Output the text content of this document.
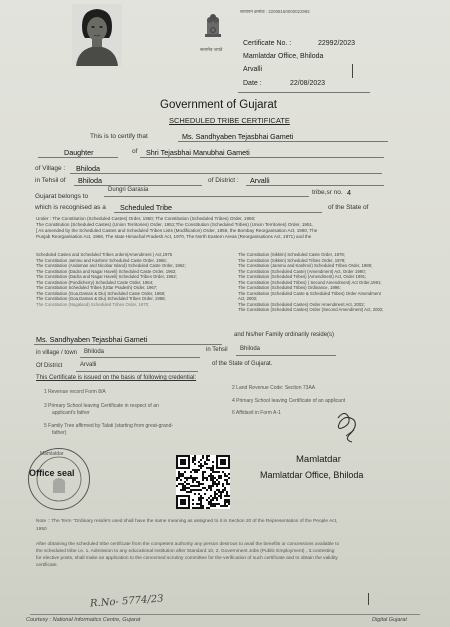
सत्यमेव जयते
सत्यापन क्रमांक : 22008150000022992
Certificate No. :	22992/2023
Mamlatdar Office, Bhiloda
Arvalli
Date :	22/08/2023
Government of Gujarat
SCHEDULED TRIBE CERTIFICATE
This is to certify that	Ms. Sandhyaben Tejasbhai Gameti
Daughter	of Shri Tejasbhai Manubhai Gameti
of Village : Bhiloda
in Tehsil of Bhiloda	of District : Arvalli
Gujarat belongs to
Dungri Garasia	tribe,sr no. 4
which is recognised as a Scheduled Tribe	of the State of
Under : The Constitution (Scheduled Castes) Order, 1950; The Constitution (Scheduled Tribes) Order, 1950;
The Constitution (Scheduled Castes) (Union Territories) Order, 1951;The Constitution (Scheduled Tribes) (Union Territories) Order, 1951,
[ As amended by the Scheduled Castes and Scheduled Tribes Lists (Modification) Order, 1956, the Bombay Reorganisation Act, 1960, The
Punjab Reorganisation Act, 1966, The state Himachal Pradesh Act, 1970, The North Eastern Areas (Reorganisations Act, 1971) and the
Scheduled Castes and Scheduled Tribes orders(Amendment ) Act,1976
The Constitution Jammu and Kashmir Scheduled Caste Order, 1956;
The Constitution (Andaman and Nicobar Island) Scheduled Caste Order, 1962;
The Constitution (Dadra and Nagar Haveli) Scheduled Caste Order, 1962;
The Constitution (Dadra and Nagar Haveli) Scheduled Tribes Order, 1962;
The Constitution (Pondicherry) Scheduled Caste Order, 1964;
The Constitution Scheduled Tribes (Uttar Pradesh) Order, 1967;
The Constitution (Goa,Daman & Diu) Scheduled Caste Order, 1968;
The Constitution (Goa,Daman & Diu) Scheduled Tribes Order, 1968;
The Constitution (Nagaland) Scheduled Tribes Order, 1970;
The Constitution (Sikkim) Scheduled Caste Order, 1978;
The Constitution (Sikkim) Scheduled Tribes Order, 1978;
The Constitution (Jammu and Kashmir) Scheduled Tribes Order, 1989;
The Constitution (Scheduled Caste) (Amendment) Act, Order 1990;
The Constitution (Scheduled Tribes) (Amendment) Act, Order 1991;
The Constitution (Scheduled Tribes) ( Second Amendment) Act Order,1991;
The Constitution (Scheduled Tribes) Ordinance, 1996;
The Constitution (Scheduled Caste & Scheduled Tribes) Order Amendment
Act, 2002;
The Constitution (Scheduled Castes) Order Amendment Act, 2002;
The Constitution (Scheduled Castes) Order (Second Amendment) Act, 2002;
Ms. Sandhyaben Tejasbhai Gameti	and his/her Family ordinarily reside(s)
in village / town Bhiloda	in Tehsil Bhiloda
Of District	Arvalli	of the State of Gujarat.
This Certificate is issued on the basis of following credential:
1 Revenue record Form 8/A
2 Land Revenue Code: Section 73AA
3 Primary School leaving Certificate in respect of an
applicant's father
4 Primary School leaving Certificate of an applicant
5 Family Tree affirmed by Talati (starting from great-grand-
father)
6 Affidavit in Form A-1
Mamlatdar
Office seal
Mamlatdar
Mamlatdar Office, Bhiloda
Note :: The Term "Ordinary reside's used shall have the same meaning as assigned to it in Section 20 of the Representation of the People Act,
1950
After obtaining the scheduled tribe certificate from the competent authority any person desirous to avail the benefits or concessions available to
the scheduled tribe i.e. 1. Admission to any educational institution after Standard 10, 2. Government Jobs (Public Employment) , 3.contesting
for elective posts, shall make an application to the concerned scrutiny committee for the verification of such certificate and to obtain the validity
certificate.
R.No- 5774/23
Courtesy : National Informatics Centre, Gujarat	Digital Gujarat
